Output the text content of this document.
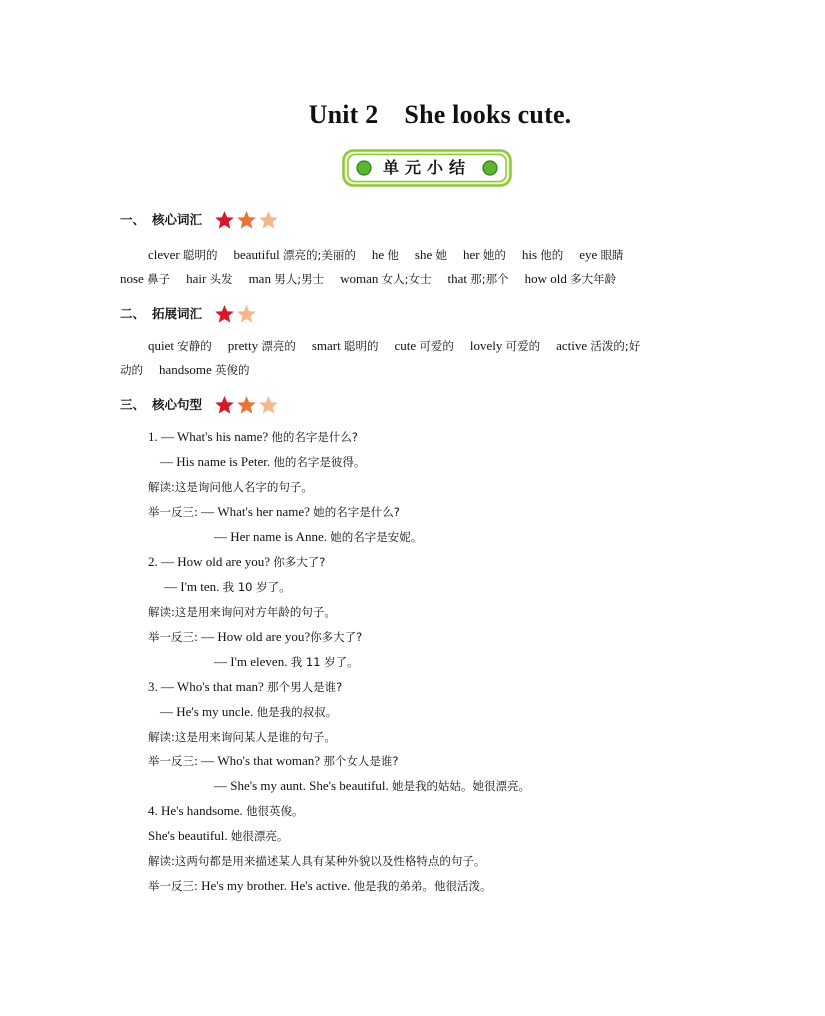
Unit 2 She looks cute.
单元小结
一、 核心词汇
clever 聪明的 beautiful 漂亮的;美丽的 he 他 she 她 her 她的 his 他的 eye 眼睛
nose 鼻子 hair 头发 man 男人;男士 woman 女人;女士 that 那;那个 how old 多大年龄
二、 拓展词汇
quiet 安静的 pretty 漂亮的 smart 聪明的 cute 可爱的 lovely 可爱的 active 活泼的;好
动的 handsome 英俊的
三、 核心句型
1. — What's his name? 他的名字是什么?
— His name is Peter. 他的名字是彼得。
解读:这是询问他人名字的句子。
举一反三: — What's her name? 她的名字是什么?
— Her name is Anne. 她的名字是安妮。
2. — How old are you? 你多大了?
— I'm ten. 我 10 岁了。
解读:这是用来询问对方年龄的句子。
举一反三: — How old are you?你多大了?
— I'm eleven. 我 11 岁了。
3. — Who's that man? 那个男人是谁?
— He's my uncle. 他是我的叔叔。
解读:这是用来询问某人是谁的句子。
举一反三: — Who's that woman? 那个女人是谁?
— She's my aunt. She's beautiful. 她是我的姑姑。她很漂亮。
4. He's handsome. 他很英俊。
She's beautiful. 她很漂亮。
解读:这两句都是用来描述某人具有某种外貌以及性格特点的句子。
举一反三: He's my brother. He's active. 他是我的弟弟。他很活泼。
